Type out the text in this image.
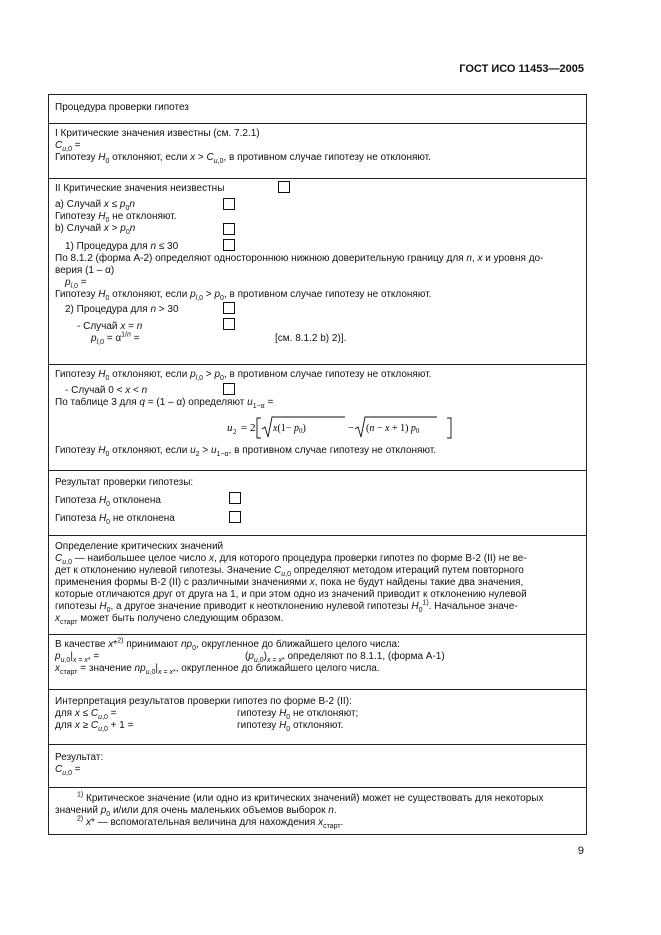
ГОСТ ИСО 11453—2005
Процедура проверки гипотез
I Критические значения известны (см. 7.2.1)
$C_{u,0}$ =
Гипотезу $H_0$ отклоняют, если $x > C_{u,0}$, в противном случае гипотезу не отклоняют.
II Критические значения неизвестны
а) Случай $x \le p_0n$
Гипотезу $H_0$ не отклоняют.
b) Случай $x > p_0n$
1) Процедура для n ≤ 30
По 8.1.2 (форма А-2) определяют одностороннюю нижнюю доверительную границу для n, x и уровня до-
верия (1 – α)
$p_{l,0}$ =
Гипотезу $H_0$ отклоняют, если $p_{l,0} > p_0$, в противном случае гипотезу не отклоняют.
2) Процедура для n > 30
- Случай x = n
$p_{l,0} = \alpha^{1/n}$ =	[см. 8.1.2 b) 2)].
Гипотезу $H_0$ отклоняют, если $p_{l,0} > p_0$, в противном случае гипотезу не отклоняют.
- Случай 0 < x < n
По таблице 3 для q = (1 – α) определяют $u_{1-\alpha}$ =
u 2 = 2 $x(1- p_0)$	− (n − x + 1) $p_0$
Гипотезу $H_0$ отклоняют, если $u_2 > u_{1-\alpha}$, в противном случае гипотезу не отклоняют.
Результат проверки гипотезы:
Гипотеза $H_0$ отклонена
Гипотеза $H_0$ не отклонена
Определение критических значений
$C_{u,0}$ — наибольшее целое число x, для которого процедура проверки гипотез по форме В-2 (II) не ве-
дет к отклонению нулевой гипотезы. Значение $C_{u,0}$ определяют методом итераций путем повторного
применения формы В-2 (II) с различными значениями x, пока не будут найдены такие два значения,
которые отличаются друг от друга на 1, и при этом одно из значений приводит к отклонению нулевой
гипотезы $H_0$, а другое значение приводит к неотклонению нулевой гипотезы $H_0^{1)}$. Начальное значе-
$x_{старт}$ может быть получено следующим образом.
В качестве x*$^{2)}$ принимают $np_0$, округленное до ближайшего целого числа:
$p_{u,0}|_{x = x*}$ =	$(p_{u,0})_{x = x*}$ определяют по 8.1.1, (форма А-1)
$x_{старт}$ = значение $np_{u,0}|_{x = x*}$, округленное до ближайшего целого числа.
Интерпретация результатов проверки гипотез по форме В-2 (II):
для $x \le C_{u,0}$ =	гипотезу $H_0$ не отклоняют;
для $x \ge C_{u,0} + 1$ =	гипотезу $H_0$ отклоняют.
Результат:
$C_{u,0}$ =
$^{1)}$ Критическое значение (или одно из критических значений) может не существовать для некоторых
значений $p_0$ и/или для очень маленьких объемов выборок n.
$^{2)}$ x* — вспомогательная величина для нахождения $x_{старт}$.
9
